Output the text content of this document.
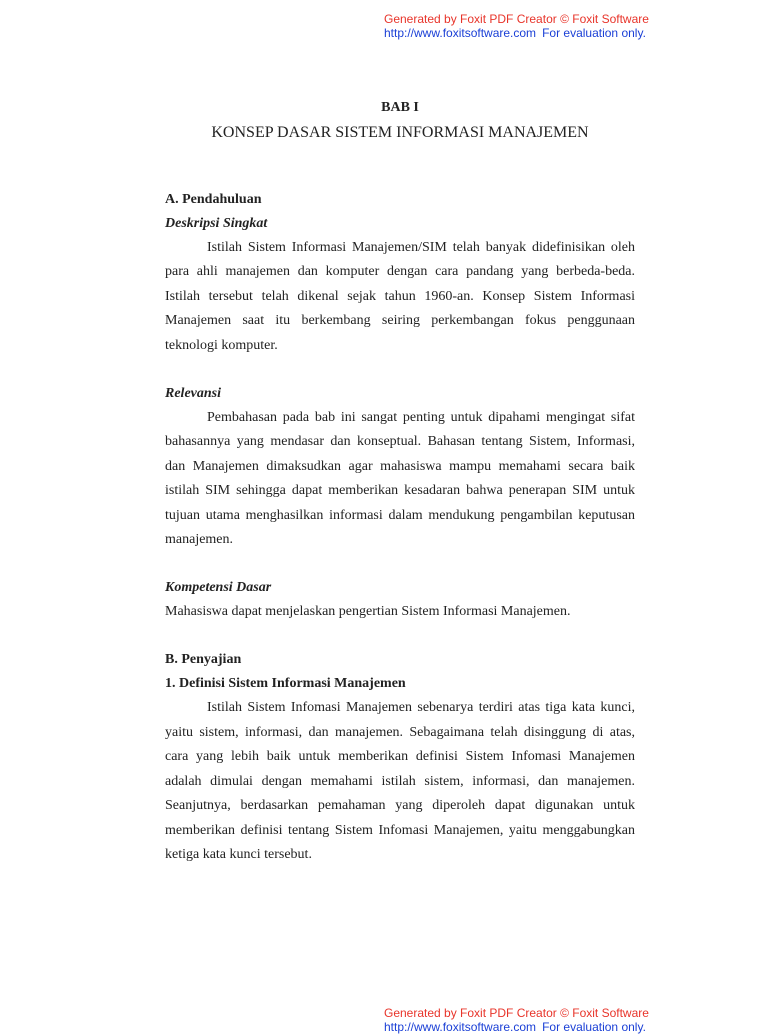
Generated by Foxit PDF Creator © Foxit Software
http://www.foxitsoftware.com For evaluation only.
BAB I
KONSEP DASAR SISTEM INFORMASI MANAJEMEN
A. Pendahuluan
Deskripsi Singkat

Istilah Sistem Informasi Manajemen/SIM telah banyak didefinisikan oleh para ahli manajemen dan komputer dengan cara pandang yang berbeda-beda. Istilah tersebut telah dikenal sejak tahun 1960-an. Konsep Sistem Informasi Manajemen saat itu berkembang seiring perkembangan fokus penggunaan teknologi komputer.

Relevansi

Pembahasan pada bab ini sangat penting untuk dipahami mengingat sifat bahasannya yang mendasar dan konseptual. Bahasan tentang Sistem, Informasi, dan Manajemen dimaksudkan agar mahasiswa mampu memahami secara baik istilah SIM sehingga dapat memberikan kesadaran bahwa penerapan SIM untuk tujuan utama menghasilkan informasi dalam mendukung pengambilan keputusan manajemen.

Kompetensi Dasar

Mahasiswa dapat menjelaskan pengertian Sistem Informasi Manajemen.

B. Penyajian
1. Definisi Sistem Informasi Manajemen

Istilah Sistem Infomasi Manajemen sebenarya terdiri atas tiga kata kunci, yaitu sistem, informasi, dan manajemen. Sebagaimana telah disinggung di atas, cara yang lebih baik untuk memberikan definisi Sistem Infomasi Manajemen adalah dimulai dengan memahami istilah sistem, informasi, dan manajemen. Seanjutnya, berdasarkan pemahaman yang diperoleh dapat digunakan untuk memberikan definisi tentang Sistem Infomasi Manajemen, yaitu menggabungkan ketiga kata kunci tersebut.

Generated by Foxit PDF Creator © Foxit Software
http://www.foxitsoftware.com For evaluation only.
